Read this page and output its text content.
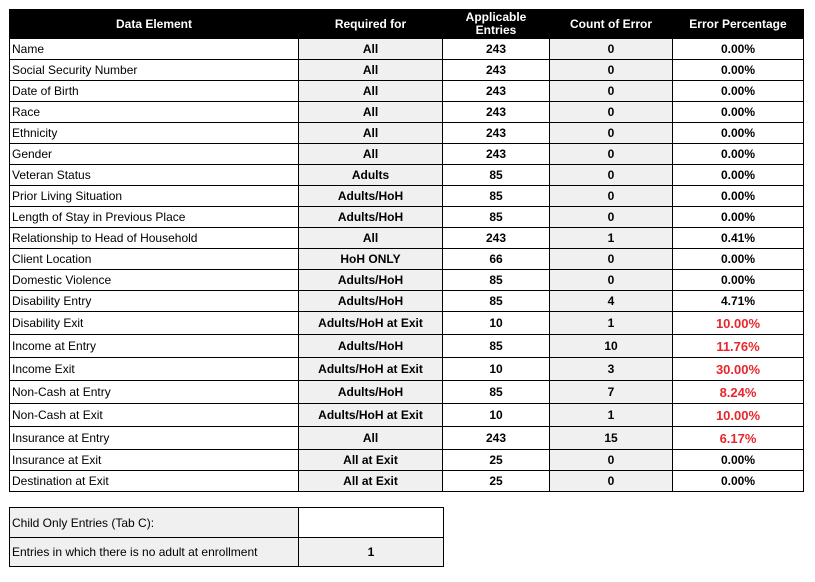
Data Element	Required for	Applicable Entries	Count of Error	Error Percentage
Name	All	243	0	0.00%
Social Security Number	All	243	0	0.00%
Date of Birth	All	243	0	0.00%
Race	All	243	0	0.00%
Ethnicity	All	243	0	0.00%
Gender	All	243	0	0.00%
Veteran Status	Adults	85	0	0.00%
Prior Living Situation	Adults/HoH	85	0	0.00%
Length of Stay in Previous Place	Adults/HoH	85	0	0.00%
Relationship to Head of Household	All	243	1	0.41%
Client Location	HoH ONLY	66	0	0.00%
Domestic Violence	Adults/HoH	85	0	0.00%
Disability Entry	Adults/HoH	85	4	4.71%
Disability Exit	Adults/HoH at Exit	10	1	10.00%
Income at Entry	Adults/HoH	85	10	11.76%
Income Exit	Adults/HoH at Exit	10	3	30.00%
Non-Cash at Entry	Adults/HoH	85	7	8.24%
Non-Cash at Exit	Adults/HoH at Exit	10	1	10.00%
Insurance at Entry	All	243	15	6.17%
Insurance at Exit	All at Exit	25	0	0.00%
Destination at Exit	All at Exit	25	0	0.00%
Child Only Entries (Tab C):	
Entries in which there is no adult at enrollment	1
